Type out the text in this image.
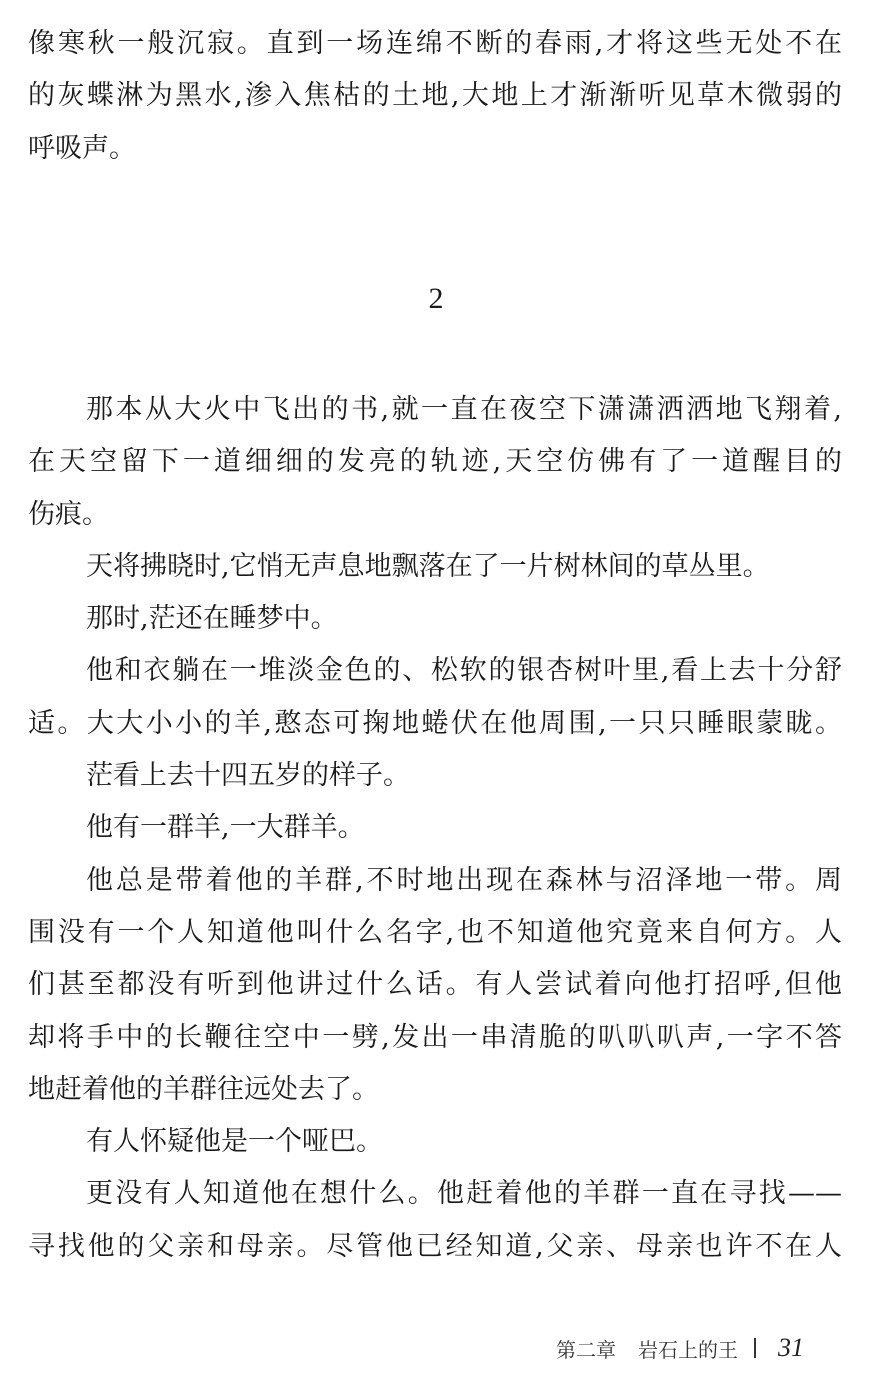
像寒秋一般沉寂。直到一场连绵不断的春雨,才将这些无处不在
的灰蝶淋为黑水,渗入焦枯的土地,大地上才渐渐听见草木微弱的
呼吸声。
2
那本从大火中飞出的书,就一直在夜空下潇潇洒洒地飞翔着,
在天空留下一道细细的发亮的轨迹,天空仿佛有了一道醒目的
伤痕。
天将拂晓时,它悄无声息地飘落在了一片树林间的草丛里。
那时,茫还在睡梦中。
他和衣躺在一堆淡金色的、松软的银杏树叶里,看上去十分舒
适。大大小小的羊,憨态可掬地蜷伏在他周围,一只只睡眼蒙眬。
茫看上去十四五岁的样子。
他有一群羊,一大群羊。
他总是带着他的羊群,不时地出现在森林与沼泽地一带。周
围没有一个人知道他叫什么名字,也不知道他究竟来自何方。人
们甚至都没有听到他讲过什么话。有人尝试着向他打招呼,但他
却将手中的长鞭往空中一劈,发出一串清脆的叭叭叭声,一字不答
地赶着他的羊群往远处去了。
有人怀疑他是一个哑巴。
更没有人知道他在想什么。他赶着他的羊群一直在寻找——
寻找他的父亲和母亲。尽管他已经知道,父亲、母亲也许不在人
第二章 岩石上的王 31
